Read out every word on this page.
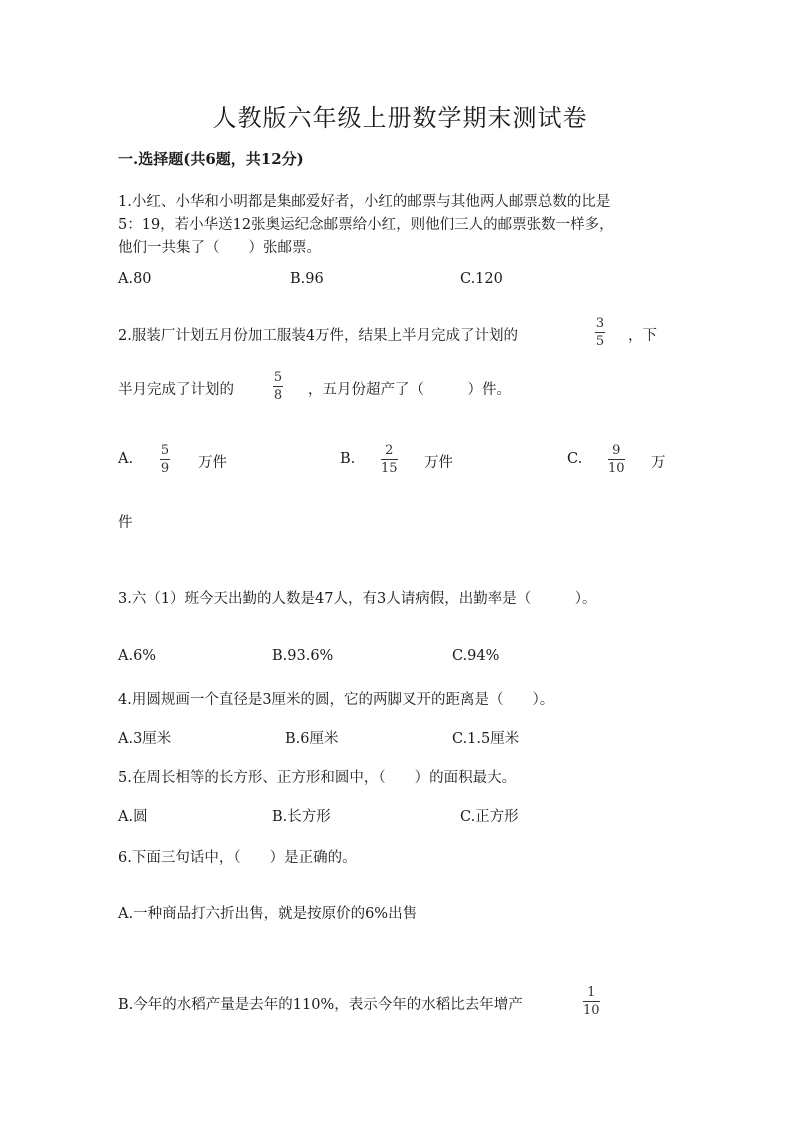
人教版六年级上册数学期末测试卷
一.选择题(共6题，共12分)
1.小红、小华和小明都是集邮爱好者，小红的邮票与其他两人邮票总数的比是
5：19，若小华送12张奥运纪念邮票给小红，则他们三人的邮票张数一样多，
他们一共集了（　　）张邮票。
A.80	B.96	C.120
2.服装厂计划五月份加工服装4万件，结果上半月完成了计划的
3
5 ，下
半月完成了计划的
5
8 ，五月份超产了（　　　）件。
A.
5
9 万件	B.
2
15 万件	C.
9
10 万
件
3.六（1）班今天出勤的人数是47人，有3人请病假，出勤率是（　　　）。
A.6%	B.93.6%	C.94%
4.用圆规画一个直径是3厘米的圆，它的两脚叉开的距离是（　　）。
A.3厘米	B.6厘米	C.1.5厘米
5.在周长相等的长方形、正方形和圆中，（　　）的面积最大。
A.圆	B.长方形	C.正方形
6.下面三句话中，（　　）是正确的。
A.一种商品打六折出售，就是按原价的6%出售
B.今年的水稻产量是去年的110%，表示今年的水稻比去年增产
1
10
